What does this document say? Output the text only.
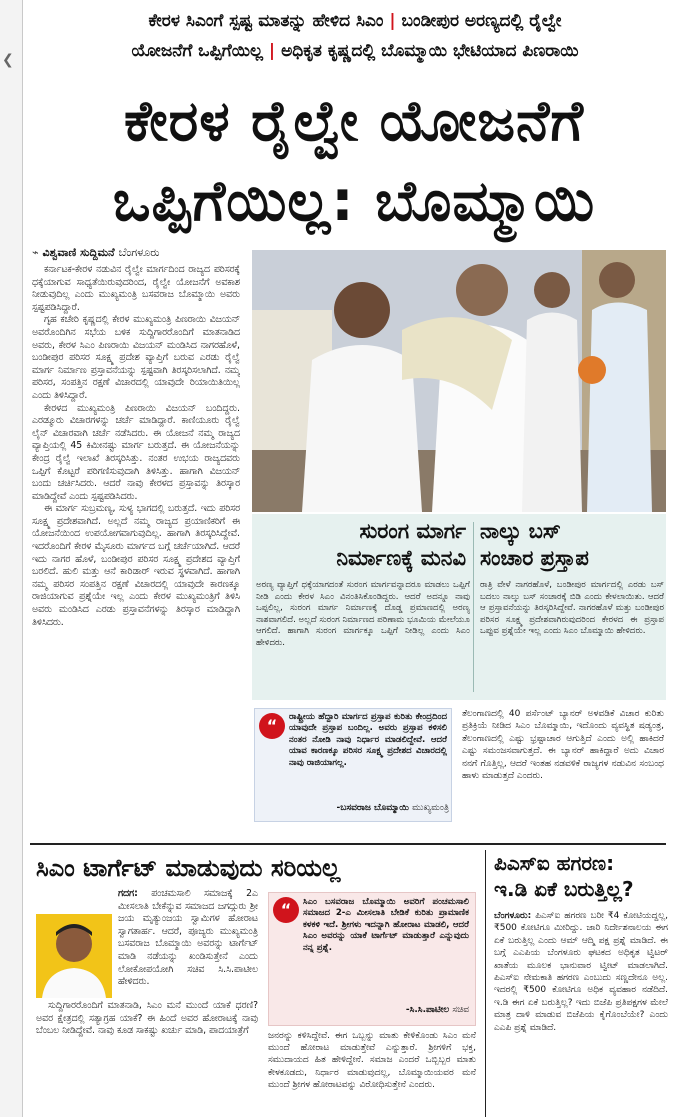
❮
ಕೇರಳ ಸಿಎಂಗೆ ಸ್ಪಷ್ಟ ಮಾತನ್ನು ಹೇಳಿದ ಸಿಎಂ | ಬಂಡೀಪುರ ಅರಣ್ಯದಲ್ಲಿ ರೈಲ್ವೇ
ಯೋಜನೆಗೆ ಒಪ್ಪಿಗೆಯಿಲ್ಲ | ಅಧಿಕೃತ ಕೃಷ್ಣದಲ್ಲಿ ಬೊಮ್ಮಾಯಿ ಭೇಟಿಯಾದ ಪಿಣರಾಯಿ
ಕೇರಳ ರೈಲ್ವೇ ಯೋಜನೆಗೆ
ಒಪ್ಪಿಗೆಯಿಲ್ಲ: ಬೊಮ್ಮಾಯಿ
⌁ ವಿಶ್ವವಾಣಿ ಸುದ್ದಿಮನೆ ಬೆಂಗಳೂರು

ಕರ್ನಾಟಕ-ಕೇರಳ ನಡುವಿನ ರೈಲ್ವೇ ಮಾರ್ಗದಿಂದ ರಾಜ್ಯದ ಪರಿಸರಕ್ಕೆ ಧಕ್ಕೆಯಾಗುವ ಸಾಧ್ಯತೆಯಿರುವುದರಿಂದ, ರೈಲ್ವೇ ಯೋಜನೆಗೆ ಅವಕಾಶ ನೀಡುವುದಿಲ್ಲ ಎಂದು ಮುಖ್ಯಮಂತ್ರಿ ಬಸವರಾಜ ಬೊಮ್ಮಾಯಿ ಅವರು ಸ್ಪಷ್ಟಪಡಿಸಿದ್ದಾರೆ.

ಗೃಹ ಕಚೇರಿ ಕೃಷ್ಣದಲ್ಲಿ ಕೇರಳ ಮುಖ್ಯಮಂತ್ರಿ ಪಿಣರಾಯಿ ವಿಜಯನ್ ಅವರೊಂದಿಗಿನ ಸಭೆಯ ಬಳಿಕ ಸುದ್ದಿಗಾರರೊಂದಿಗೆ ಮಾತನಾಡಿದ ಅವರು, ಕೇರಳ ಸಿಎಂ ಪಿಣರಾಯಿ ವಿಜಯನ್ ಮಂಡಿಸಿದ ನಾಗರಹೊಳೆ, ಬಂಡೀಪುರ ಪರಿಸರ ಸೂಕ್ಷ್ಮ ಪ್ರದೇಶ ವ್ಯಾಪ್ತಿಗೆ ಬರುವ ಎರಡು ರೈಲ್ವೆ ಮಾರ್ಗ ನಿರ್ಮಾಣ ಪ್ರಸ್ತಾವನೆಯನ್ನು ಸ್ಪಷ್ಟವಾಗಿ ತಿರಸ್ಕರಿಸಲಾಗಿದೆ. ನಮ್ಮ ಪರಿಸರ, ಸಂಪತ್ತಿನ ರಕ್ಷಣೆ ವಿಚಾರದಲ್ಲಿ ಯಾವುದೇ ರಿಯಾಯಿತಿಯಿಲ್ಲ ಎಂದು ತಿಳಿಸಿದ್ದಾರೆ.

ಕೇರಳದ ಮುಖ್ಯಮಂತ್ರಿ ಪಿಣರಾಯಿ ವಿಜಯನ್ ಬಂದಿದ್ದರು. ಎರಡ್ಮೂರು ವಿಚಾರಗಳನ್ನು ಚರ್ಚೆ ಮಾಡಿದ್ದಾರೆ. ಕಾಣಿಯೂರು ರೈಲ್ವೆ ಲೈನ್ ವಿಚಾರವಾಗಿ ಚರ್ಚೆ ನಡೆಸಿದರು. ಈ ಯೋಜನೆ ನಮ್ಮ ರಾಜ್ಯದ ವ್ಯಾಪ್ತಿಯಲ್ಲಿ 45 ಕಿಮೀನಷ್ಟು ಮಾರ್ಗ ಬರುತ್ತದೆ. ಈ ಯೋಜನೆಯನ್ನು ಕೇಂದ್ರ ರೈಲ್ವೆ ಇಲಾಖೆ ತಿರಸ್ಕರಿಸಿತ್ತು. ನಂತರ ಉಭಯ ರಾಜ್ಯದವರು ಒಪ್ಪಿಗೆ ಕೊಟ್ಟರೆ ಪರಿಗಣಿಸುವುದಾಗಿ ತಿಳಿಸಿತ್ತು. ಹಾಗಾಗಿ ವಿಜಯನ್ ಬಂದು ಚರ್ಚಿಸಿದರು. ಆದರೆ ನಾವು ಕೇರಳದ ಪ್ರಸ್ತಾವನ್ನು ತಿರಸ್ಕಾರ ಮಾಡಿದ್ದೇವೆ ಎಂದು ಸ್ಪಷ್ಟಪಡಿಸಿದರು.

ಈ ಮಾರ್ಗ ಸುಬ್ರಮಣ್ಯ, ಸುಳ್ಯ ಭಾಗದಲ್ಲಿ ಬರುತ್ತದೆ. ಇದು ಪರಿಸರ ಸೂಕ್ಷ್ಮ ಪ್ರದೇಶವಾಗಿದೆ. ಅಲ್ಲದೆ ನಮ್ಮ ರಾಜ್ಯದ ಪ್ರಯಾಣಿಕರಿಗೆ ಈ ಯೋಜನೆಯಿಂದ ಉಪಯೋಗವಾಗುವುದಿಲ್ಲ. ಹಾಗಾಗಿ ತಿರಸ್ಕರಿಸಿದ್ದೇವೆ. ಇದರೊಂದಿಗೆ ಕೇರಳ ಮೈಸೂರು ಮಾರ್ಗದ ಬಗ್ಗೆ ಚರ್ಚೆಯಾಗಿದೆ. ಆದರೆ ಇದು ನಾಗರ ಹೊಳೆ, ಬಂಡೀಪುರ ಪರಿಸರ ಸೂಕ್ಷ್ಮ ಪ್ರದೇಶದ ವ್ಯಾಪ್ತಿಗೆ ಬರಲಿದೆ. ಹುಲಿ ಮತ್ತು ಆನೆ ಕಾರಿಡಾರ್ ಇರುವ ಸ್ಥಳವಾಗಿದೆ. ಹಾಗಾಗಿ ನಮ್ಮ ಪರಿಸರ ಸಂಪತ್ತಿನ ರಕ್ಷಣೆ ವಿಚಾರದಲ್ಲಿ ಯಾವುದೇ ಕಾರಣಕ್ಕೂ ರಾಜಿಯಾಗುವ ಪ್ರಶ್ನೆಯೇ ಇಲ್ಲ ಎಂದು ಕೇರಳ ಮುಖ್ಯಮಂತ್ರಿಗೆ ತಿಳಿಸಿ ಅವರು ಮಂಡಿಸಿದ ಎರಡು ಪ್ರಸ್ತಾವನೆಗಳನ್ನು ತಿರಸ್ಕಾರ ಮಾಡಿದ್ದಾಗಿ ತಿಳಿಸಿದರು.

ಸುರಂಗ ಮಾರ್ಗ
ನಿರ್ಮಾಣಕ್ಕೆ ಮನವಿ
ಅರಣ್ಯ ವ್ಯಾಪ್ತಿಗೆ ಧಕ್ಕೆಯಾಗದಂತೆ ಸುರಂಗ ಮಾರ್ಗವನ್ನಾದರೂ ಮಾಡಲು ಒಪ್ಪಿಗೆ ನೀಡಿ ಎಂದು ಕೇರಳ ಸಿಎಂ ವಿನಂತಿಸಿಕೊಂಡಿದ್ದರು. ಆದರೆ ಅದನ್ನೂ ನಾವು ಒಪ್ಪಲಿಲ್ಲ, ಸುರಂಗ ಮಾರ್ಗ ನಿರ್ಮಾಣಕ್ಕೆ ದೊಡ್ಡ ಪ್ರಮಾಣದಲ್ಲಿ ಅರಣ್ಯ ನಾಶವಾಗಲಿದೆ. ಅಲ್ಲದೆ ಸುರಂಗ ನಿರ್ಮಾಣದ ಪರಿಣಾಮ ಭೂಮಿಯ ಮೇಲೆಯೂ ಆಗಲಿದೆ. ಹಾಗಾಗಿ ಸುರಂಗ ಮಾರ್ಗಕ್ಕೂ ಒಪ್ಪಿಗೆ ನೀಡಿಲ್ಲ ಎಂದು ಸಿಎಂ ಹೇಳಿದರು.
ನಾಲ್ಕು ಬಸ್
ಸಂಚಾರ ಪ್ರಸ್ತಾಪ
ರಾತ್ರಿ ವೇಳೆ ನಾಗರಹೊಳೆ, ಬಂಡೀಪುರ ಮಾರ್ಗದಲ್ಲಿ ಎರಡು ಬಸ್ ಬದಲು ನಾಲ್ಕು ಬಸ್ ಸಂಚಾರಕ್ಕೆ ಬಿಡಿ ಎಂದು ಕೇಳಲಾಯಿತು. ಆದರೆ ಆ ಪ್ರಸ್ತಾವನೆಯನ್ನು ತಿರಸ್ಕರಿಸಿದ್ದೇವೆ. ನಾಗರಹೊಳೆ ಮತ್ತು ಬಂಡೀಪುರ ಪರಿಸರ ಸೂಕ್ಷ್ಮ ಪ್ರದೇಶವಾಗಿರುವುದರಿಂದ ಕೇರಳದ ಈ ಪ್ರಸ್ತಾಪ ಒಪ್ಪುವ ಪ್ರಶ್ನೆಯೇ ಇಲ್ಲ ಎಂದು ಸಿಎಂ ಬೊಮ್ಮಾಯಿ ಹೇಳಿದರು.
“	ರಾಷ್ಟ್ರೀಯ ಹೆದ್ದಾರಿ ಮಾರ್ಗದ ಪ್ರಸ್ತಾಪ ಕುರಿತು ಕೇಂದ್ರದಿಂದ ಯಾವುದೇ ಪ್ರಸ್ತಾಪ ಬಂದಿಲ್ಲ. ಅವರು ಪ್ರಸ್ತಾಪ ಕಳಿಸಲಿ ನಂತರ ನೋಡಿ ನಾವು ನಿರ್ಧಾರ ಮಾಡಲಿದ್ದೇವೆ. ಆದರೆ ಯಾವ ಕಾರಣಕ್ಕೂ ಪರಿಸರ ಸೂಕ್ಷ್ಮ ಪ್ರದೇಶದ ವಿಚಾರದಲ್ಲಿ ನಾವು ರಾಜಿಯಾಗಲ್ಲ.
-ಬಸವರಾಜ ಬೊಮ್ಮಾಯಿ ಮುಖ್ಯಮಂತ್ರಿ
ತೆಲಂಗಾಣದಲ್ಲಿ 40 ಪರ್ಸೆಂಟ್ ಬ್ಯಾನರ್ ಅಳವಡಿಕೆ ವಿಚಾರ ಕುರಿತು ಪ್ರತಿಕ್ರಿಯೆ ನೀಡಿದ ಸಿಎಂ ಬೊಮ್ಮಾಯಿ, ಇದೊಂದು ವ್ಯವಸ್ಥಿತ ಷಡ್ಯಂತ್ರ, ತೆಲಂಗಾಣದಲ್ಲಿ ಎಷ್ಟು ಭ್ರಷ್ಟಾಚಾರ ಆಗುತ್ತಿದೆ ಎಂದು ಅಲ್ಲಿ ಹಾಕಿದರೆ ಎಷ್ಟು ಸಮಂಜಸವಾಗುತ್ತದೆ. ಈ ಬ್ಯಾನರ್ ಹಾಕಿದ್ದಾರೆ ಅದು ವಿಚಾರ ನನಗೆ ಗೊತ್ತಿಲ್ಲ, ಆದರೆ ಇಂತಹ ನಡವಳಿಕೆ ರಾಜ್ಯಗಳ ನಡುವಿನ ಸಂಬಂಧ ಹಾಳು ಮಾಡುತ್ತದೆ ಎಂದರು.
ಸಿಎಂ ಟಾರ್ಗೆಟ್ ಮಾಡುವುದು ಸರಿಯಲ್ಲ
ಗದಗ: ಪಂಚಮಸಾಲಿ ಸಮಾಜಕ್ಕೆ 2ಎ ಮೀಸಲಾತಿ ಬೇಕೆನ್ನುವ ಸಮಾಜದ ಜಗದ್ಗುರು ಶ್ರೀ ಜಯ ಮೃತ್ಯುಂಜಯ ಸ್ವಾಮಿಗಳ ಹೋರಾಟ ಸ್ವಾಗತಾರ್ಹ. ಆದರೆ, ಪೂಜ್ಯರು ಮುಖ್ಯಮಂತ್ರಿ ಬಸವರಾಜ ಬೊಮ್ಮಾಯಿ ಅವರನ್ನು ಟಾರ್ಗೆಟ್ ಮಾಡಿ ನಡೆಯನ್ನು ಖಂಡಿಸುತ್ತೇನೆ ಎಂದು ಲೋಕೋಪಯೋಗಿ ಸಚಿವ ಸಿ.ಸಿ.ಪಾಟೀಲ ಹೇಳಿದರು.

ಸುದ್ದಿಗಾರರೊಂದಿಗೆ ಮಾತನಾಡಿ, ಸಿಎಂ ಮನೆ ಮುಂದೆ ಯಾಕೆ ಧರಣಿ? ಅವರ ಕ್ಷೇತ್ರದಲ್ಲಿ ಸತ್ಯಾಗ್ರಹ ಯಾಕೆ? ಈ ಹಿಂದೆ ಅವರ ಹೋರಾಟಕ್ಕೆ ನಾವು ಬೆಂಬಲ ನೀಡಿದ್ದೇವೆ. ನಾವು ಕೂಡ ಸಾಕಷ್ಟು ಖರ್ಚು ಮಾಡಿ, ಪಾದಯಾತ್ರೆಗೆ

“	ಸಿಎಂ ಬಸವರಾಜ ಬೊಮ್ಮಾಯಿ ಅವರಿಗೆ ಪಂಚಮಸಾಲಿ ಸಮಾಜದ 2-ಎ ಮೀಸಲಾತಿ ಬೇಡಿಕೆ ಕುರಿತು ಪ್ರಾಮಾಣಿಕ ಕಳಕಳಿ ಇದೆ. ಶ್ರೀಗಳು ಇದನ್ನಾಗಿ ಹೋರಾಟ ಮಾಡಲಿ, ಆದರೆ ಸಿಎಂ ಅವರನ್ನು ಯಾಕೆ ಟಾರ್ಗೆಟ್ ಮಾಡುತ್ತಾರೆ ಎನ್ನುವುದು ನನ್ನ ಪ್ರಶ್ನೆ.
-ಸಿ.ಸಿ.ಪಾಟೀಲ ಸಚಿವ
ಜನರನ್ನು ಕಳಿಸಿದ್ದೇವೆ. ಈಗ ಒಬ್ಬನ್ನು ಮಾತು ಕೇಳಿಕೊಂಡು ಸಿಎಂ ಮನೆ ಮುಂದೆ ಹೋರಾಟ ಮಾಡುತ್ತೇವೆ ಎನ್ನುತ್ತಾರೆ. ಶ್ರೀಗಳಿಗೆ ಭಕ್ತ, ಸಮುದಾಯದ ಹಿತ ಹೇಳಿದ್ದೇನೆ. ಸಮಾಜ ಎಂದರೆ ಒಬ್ಬಿಬ್ಬರ ಮಾತು ಕೇಳಕೂಡದು, ನಿರ್ಧಾರ ಮಾಡುವುದಲ್ಲ, ಬೊಮ್ಮಾಯಿಯವರ ಮನೆ ಮುಂದೆ ಶ್ರೀಗಳ ಹೋರಾಟವನ್ನು ವಿರೋಧಿಸುತ್ತೇನೆ ಎಂದರು.
ಪಿಎಸ್‌ಐ ಹಗರಣ:
ಇ.ಡಿ ಏಕೆ ಬರುತ್ತಿಲ್ಲ?
ಬೆಂಗಳೂರು: ಪಿಎಸ್‌ಐ ಹಗರಣ ಬರೀ ₹4 ಕೋಟಿಯದ್ದಲ್ಲ, ₹500 ಕೋಟಿಗೂ ಮೀರಿದ್ದು. ಜಾರಿ ನಿರ್ದೇಶನಾಲಯ ಈಗ ಏಕೆ ಬರುತ್ತಿಲ್ಲ ಎಂದು ಆಮ್ ಆದ್ಮಿ ಪಕ್ಷ ಪ್ರಶ್ನೆ ಮಾಡಿದೆ. ಈ ಬಗ್ಗೆ ಎಎಪಿಯ ಬೆಂಗಳೂರು ಘಟಕದ ಅಧಿಕೃತ ಟ್ವಿಟರ್ ಖಾತೆಯ ಮೂಲಕ ಭಾನುವಾರ ಟ್ವೀಟ್ ಮಾಡಲಾಗಿದೆ. ಪಿಎಸ್‌ಐ ನೇಮಕಾತಿ ಹಗರಣ ಎಂಬುದು ಸಣ್ಣದೇನೂ ಅಲ್ಲ. ಇದರಲ್ಲಿ ₹500 ಕೋಟಿಗೂ ಅಧಿಕ ವ್ಯವಹಾರ ನಡೆದಿದೆ. ಇ.ಡಿ ಈಗ ಏಕೆ ಬರುತ್ತಿಲ್ಲ? ಇದು ಬಿಜೆಪಿ ಪ್ರತಿಪಕ್ಷಗಳ ಮೇಲೆ ಮಾತ್ರ ದಾಳಿ ಮಾಡುವ ಬಿಜೆಪಿಯ ಕೈಗೊಂಬೆಯೇ? ಎಂದು ಎಎಪಿ ಪ್ರಶ್ನೆ ಮಾಡಿದೆ.
